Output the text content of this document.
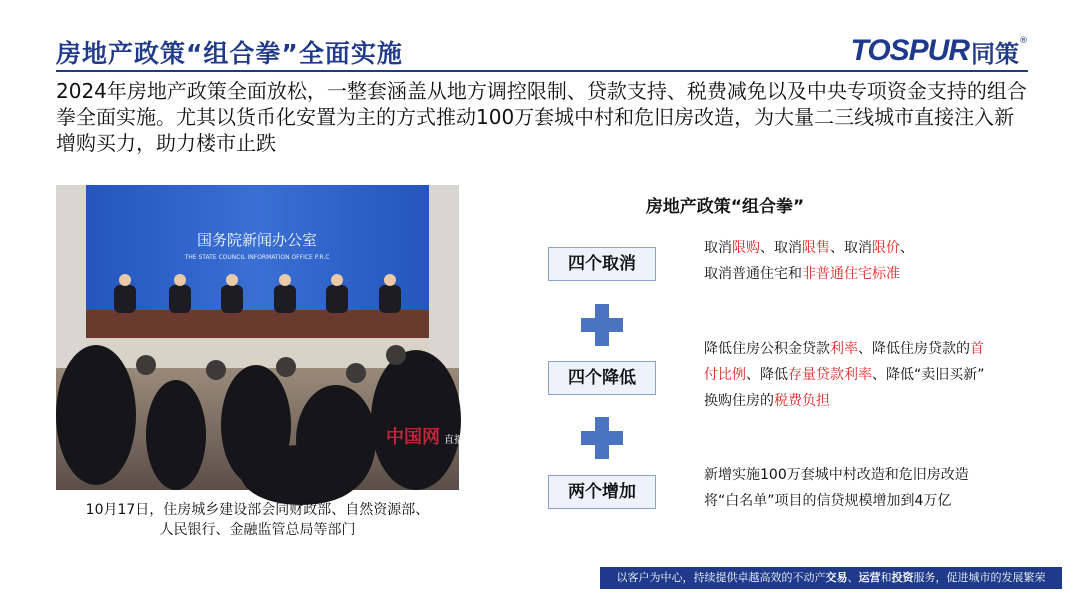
房地产政策“组合拳”全面实施	TOSPUR 同策 ®
2024年房地产政策全面放松，一整套涵盖从地方调控限制、贷款支持、税费减免以及中央专项资金支持的组合拳全面实施。尤其以货币化安置为主的方式推动100万套城中村和危旧房改造，为大量二三线城市直接注入新增购买力，助力楼市止跌
国务院新闻办公室
THE STATE COUNCIL INFORMATION OFFICE P.R.C
中国网 直播
10月17日，住房城乡建设部会同财政部、自然资源部、
人民银行、金融监管总局等部门
房地产政策“组合拳”
四个取消
四个降低
两个增加
取消限购、取消限售、取消限价、
取消普通住宅和非普通住宅标准
降低住房公积金贷款利率、降低住房贷款的首
付比例、降低存量贷款利率、降低“卖旧买新”
换购住房的税费负担
新增实施100万套城中村改造和危旧房改造
将“白名单”项目的信贷规模增加到4万亿
以客户为中心，持续提供卓越高效的不动产交易、运营和投资服务，促进城市的发展繁荣
